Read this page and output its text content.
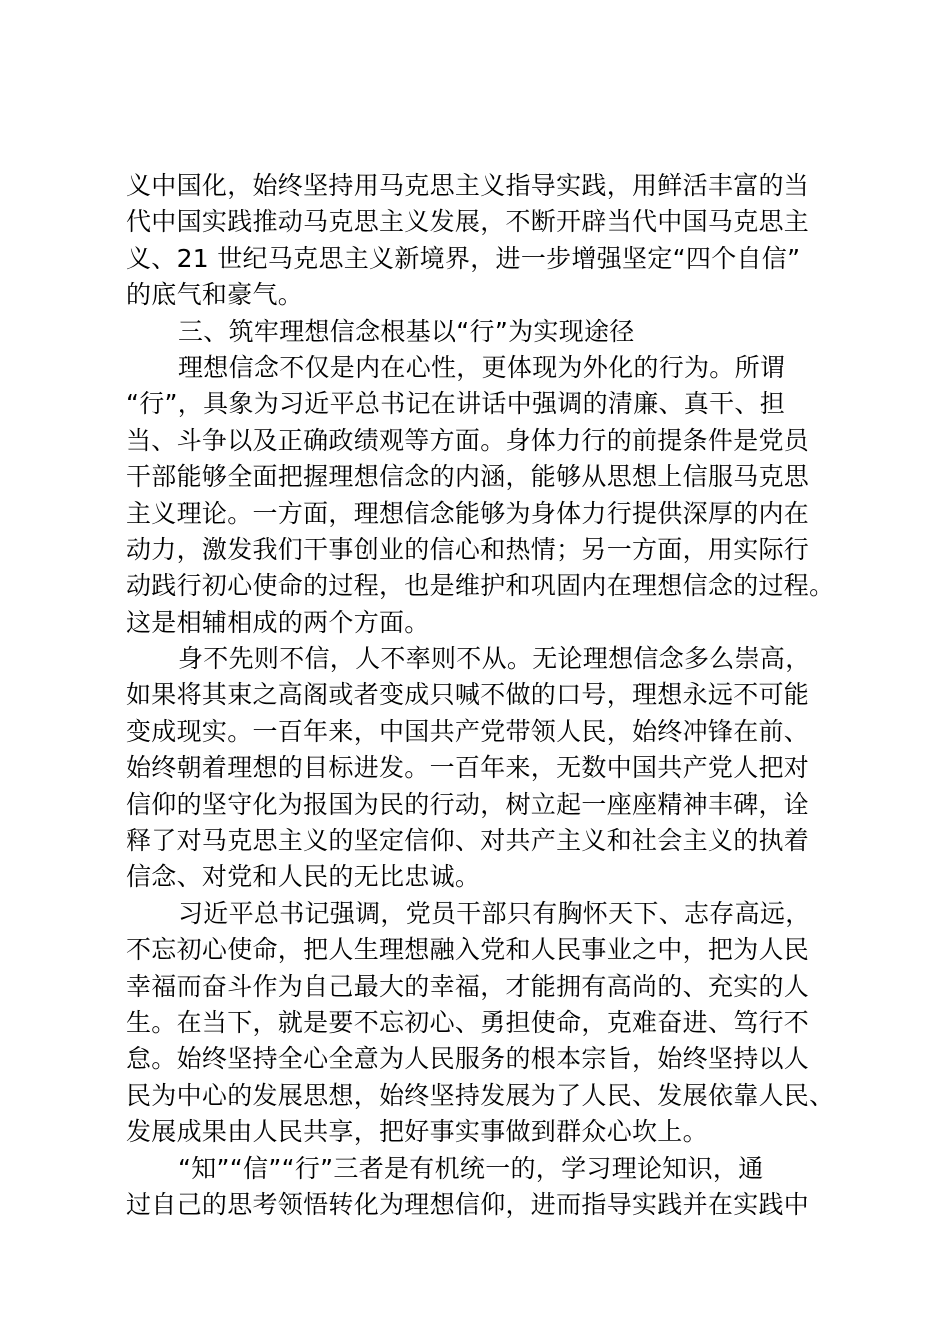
义中国化，始终坚持用马克思主义指导实践，用鲜活丰富的当
代中国实践推动马克思主义发展，不断开辟当代中国马克思主
义、21 世纪马克思主义新境界，进一步增强坚定“四个自信”
的底气和豪气。
三、筑牢理想信念根基以“行”为实现途径
理想信念不仅是内在心性，更体现为外化的行为。所谓
“行”，具象为习近平总书记在讲话中强调的清廉、真干、担
当、斗争以及正确政绩观等方面。身体力行的前提条件是党员
干部能够全面把握理想信念的内涵，能够从思想上信服马克思
主义理论。一方面，理想信念能够为身体力行提供深厚的内在
动力，激发我们干事创业的信心和热情；另一方面，用实际行
动践行初心使命的过程，也是维护和巩固内在理想信念的过程。
这是相辅相成的两个方面。
身不先则不信，人不率则不从。无论理想信念多么崇高，
如果将其束之高阁或者变成只喊不做的口号，理想永远不可能
变成现实。一百年来，中国共产党带领人民，始终冲锋在前、
始终朝着理想的目标进发。一百年来，无数中国共产党人把对
信仰的坚守化为报国为民的行动，树立起一座座精神丰碑，诠
释了对马克思主义的坚定信仰、对共产主义和社会主义的执着
信念、对党和人民的无比忠诚。
习近平总书记强调，党员干部只有胸怀天下、志存高远，
不忘初心使命，把人生理想融入党和人民事业之中，把为人民
幸福而奋斗作为自己最大的幸福，才能拥有高尚的、充实的人
生。在当下，就是要不忘初心、勇担使命，克难奋进、笃行不
怠。始终坚持全心全意为人民服务的根本宗旨，始终坚持以人
民为中心的发展思想，始终坚持发展为了人民、发展依靠人民、
发展成果由人民共享，把好事实事做到群众心坎上。
“知”“信”“行”三者是有机统一的，学习理论知识，通
过自己的思考领悟转化为理想信仰，进而指导实践并在实践中
